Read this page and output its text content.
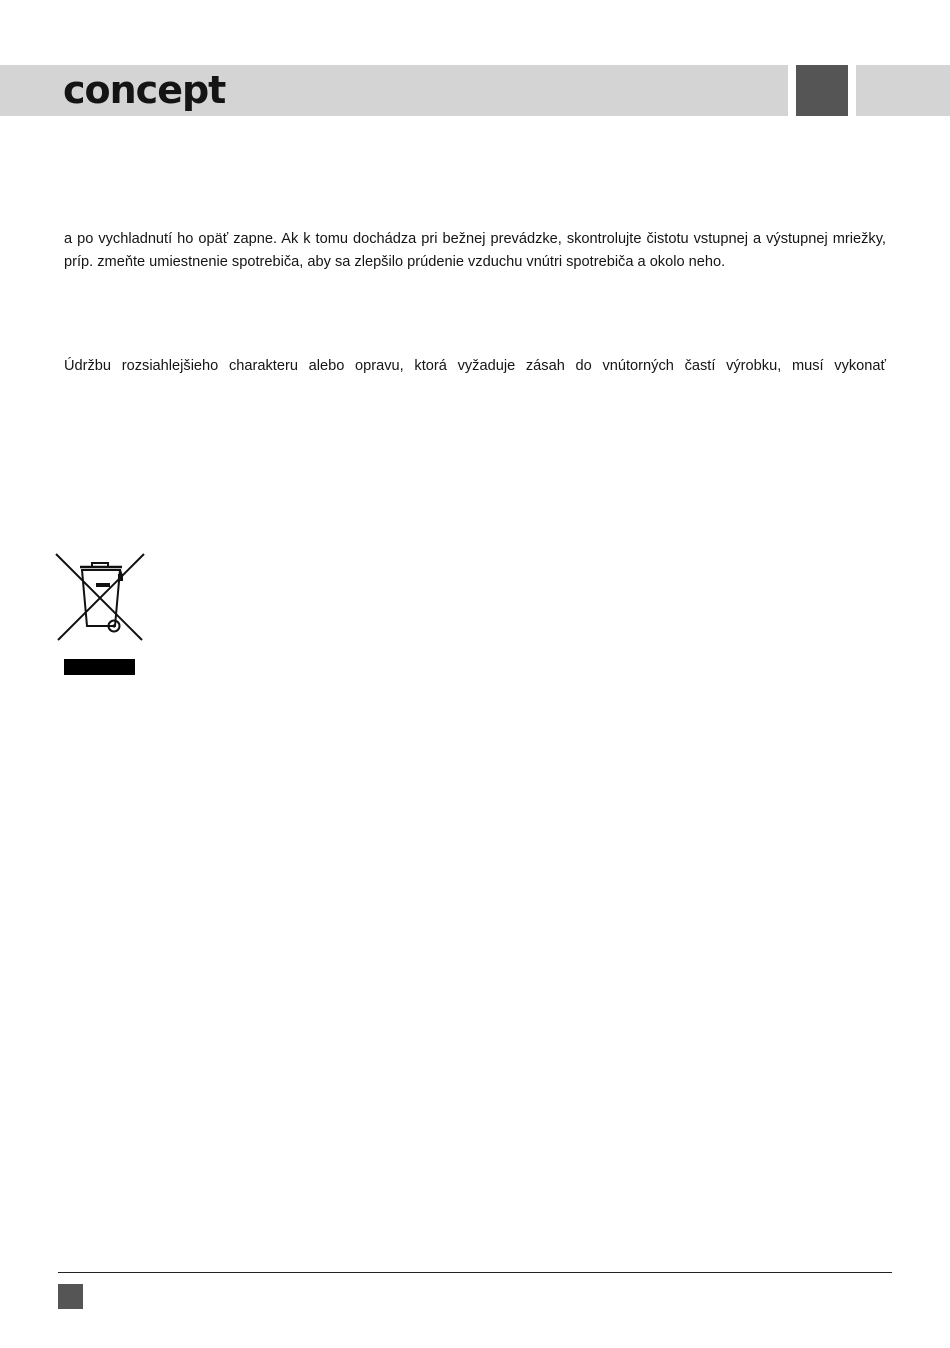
concept

a po vychladnutí ho opäť zapne. Ak k tomu dochádza pri bežnej prevádzke, skontrolujte čistotu vstupnej a výstupnej mriežky, príp. zmeňte umiestnenie spotrebiča, aby sa zlepšilo prúdenie vzduchu vnútri spotrebiča a okolo neho.

Údržbu rozsiahlejšieho charakteru alebo opravu, ktorá vyžaduje zásah do vnútorných častí výrobku, musí vykonať
